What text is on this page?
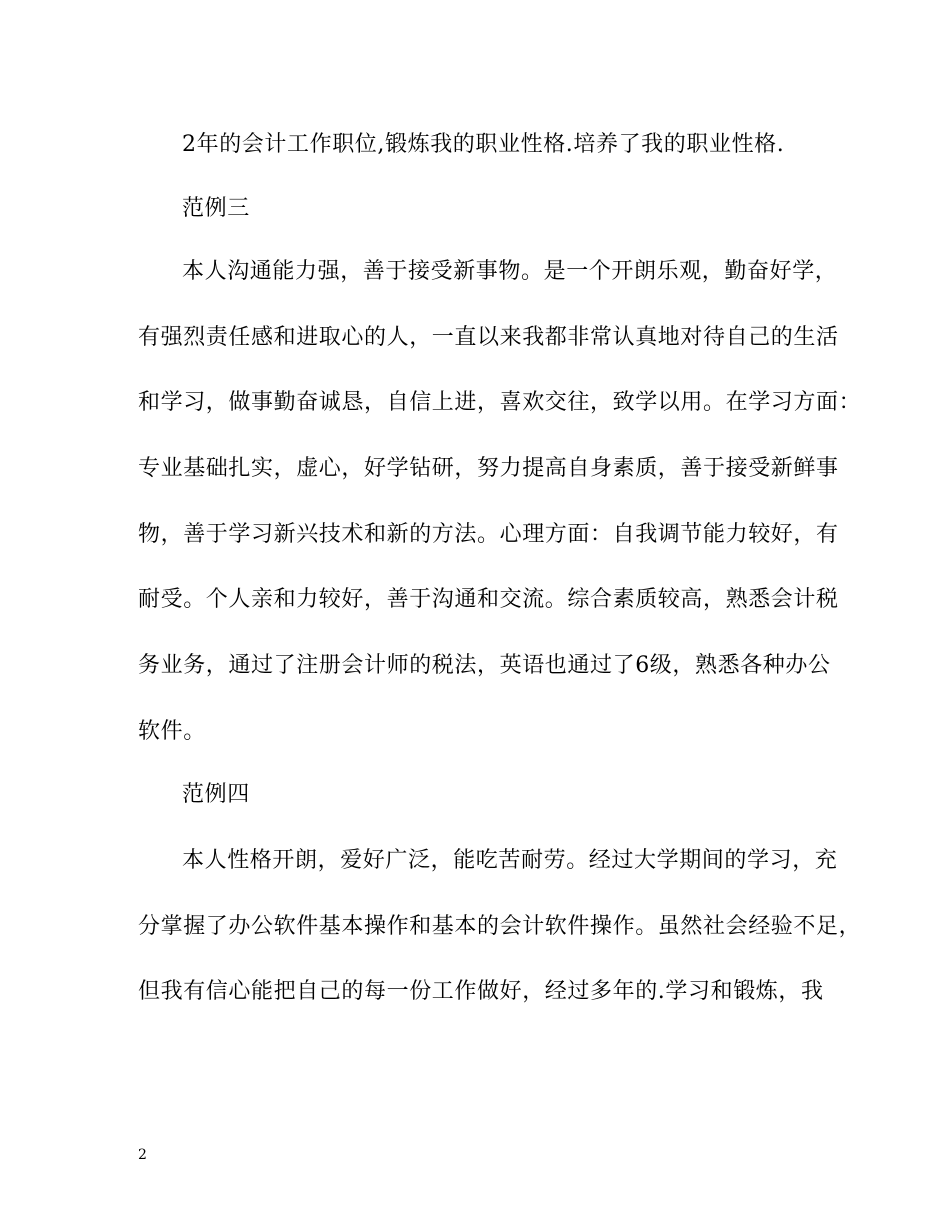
2年的会计工作职位,锻炼我的职业性格.培养了我的职业性格.
范例三
本人沟通能力强，善于接受新事物。是一个开朗乐观，勤奋好学，
有强烈责任感和进取心的人，一直以来我都非常认真地对待自己的生活
和学习，做事勤奋诚恳，自信上进，喜欢交往，致学以用。在学习方面：
专业基础扎实，虚心，好学钻研，努力提高自身素质，善于接受新鲜事
物，善于学习新兴技术和新的方法。心理方面：自我调节能力较好，有
耐受。个人亲和力较好，善于沟通和交流。综合素质较高，熟悉会计税
务业务，通过了注册会计师的税法，英语也通过了6级，熟悉各种办公
软件。
范例四
本人性格开朗，爱好广泛，能吃苦耐劳。经过大学期间的学习，充
分掌握了办公软件基本操作和基本的会计软件操作。虽然社会经验不足，
但我有信心能把自己的每一份工作做好，经过多年的.学习和锻炼，我
2
